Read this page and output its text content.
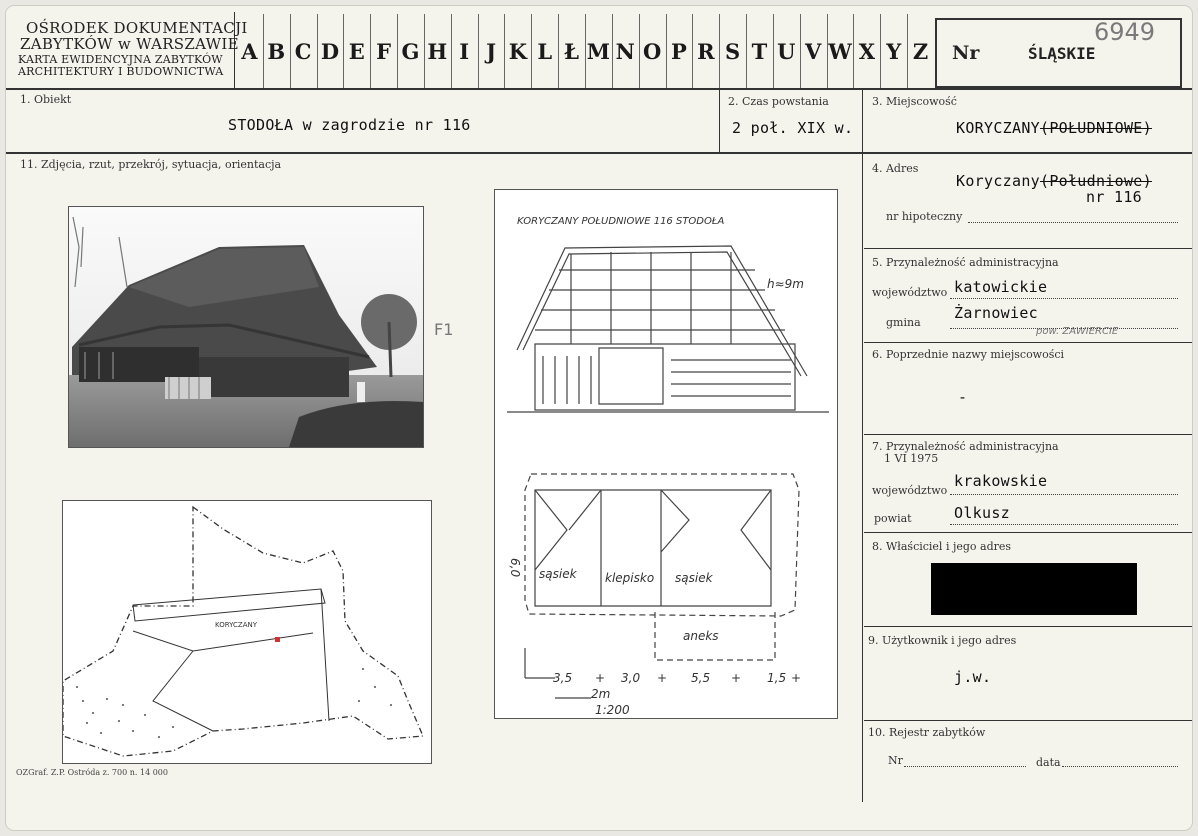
OŚRODEK DOKUMENTACJI
ZABYTKÓW w WARSZAWIE
KARTA EWIDENCYJNA ZABYTKÓW
ARCHITEKTURY I BUDOWNICTWA
Nr	ŚLĄSKIE
6949
1. Obiekt
STODOŁA w zagrodzie nr 116
2. Czas powstania
2 poł. XIX w.
3. Miejscowość
KORYCZANY(POŁUDNIOWE)
11. Zdjęcia, rzut, przekrój, sytuacja, orientacja
F1
KORYCZANY
KORYCZANY POŁUDNIOWE 116 STODOŁA
h≈9m
sąsiek klepisko sąsiek
aneks
6,0
3,5 + 3,0 + 5,5 + 1,5 +
2m
1:200
4. Adres
Koryczany(Południowe)
nr 116
nr hipoteczny
5. Przynależność administracyjna
województwo katowickie
gmina
Żarnowiec
pow. ZAWIERCIE
6. Poprzednie nazwy miejscowości
-
7. Przynależność administracyjna
1 VI 1975
województwo
krakowskie
powiat	Olkusz
8. Właściciel i jego adres
9. Użytkownik i jego adres
j.w.
10. Rejestr zabytków
Nr	data
OZGraf. Z.P. Ostróda z. 700 n. 14 000
A B C D E F G H I J K L Ł M N O P R S T U V W X Y Z
